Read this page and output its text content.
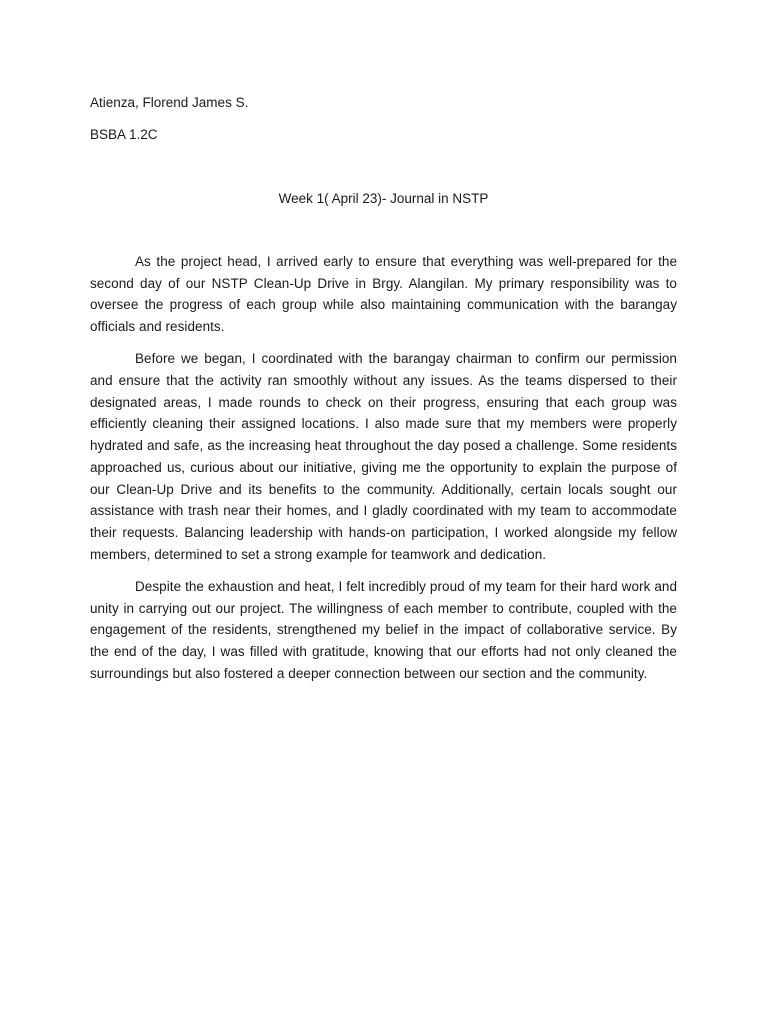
Atienza, Florend James S.

BSBA 1.2C

Week 1( April 23)- Journal in NSTP

As the project head, I arrived early to ensure that everything was well-prepared for the second day of our NSTP Clean-Up Drive in Brgy. Alangilan. My primary responsibility was to oversee the progress of each group while also maintaining communication with the barangay officials and residents.

Before we began, I coordinated with the barangay chairman to confirm our permission and ensure that the activity ran smoothly without any issues. As the teams dispersed to their designated areas, I made rounds to check on their progress, ensuring that each group was efficiently cleaning their assigned locations. I also made sure that my members were properly hydrated and safe, as the increasing heat throughout the day posed a challenge. Some residents approached us, curious about our initiative, giving me the opportunity to explain the purpose of our Clean-Up Drive and its benefits to the community. Additionally, certain locals sought our assistance with trash near their homes, and I gladly coordinated with my team to accommodate their requests. Balancing leadership with hands-on participation, I worked alongside my fellow members, determined to set a strong example for teamwork and dedication.

Despite the exhaustion and heat, I felt incredibly proud of my team for their hard work and unity in carrying out our project. The willingness of each member to contribute, coupled with the engagement of the residents, strengthened my belief in the impact of collaborative service. By the end of the day, I was filled with gratitude, knowing that our efforts had not only cleaned the surroundings but also fostered a deeper connection between our section and the community.
